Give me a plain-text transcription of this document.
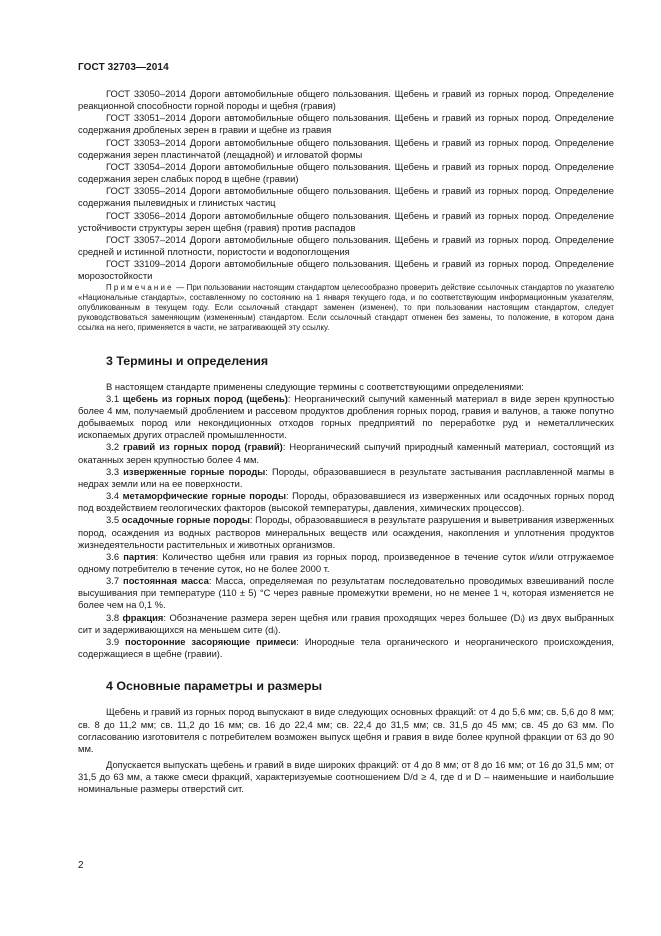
ГОСТ 32703—2014

ГОСТ 33050–2014 Дороги автомобильные общего пользования. Щебень и гравий из горных пород. Определение реакционной способности горной породы и щебня (гравия)

ГОСТ 33051–2014 Дороги автомобильные общего пользования. Щебень и гравий из горных пород. Определение содержания дробленых зерен в гравии и щебне из гравия

ГОСТ 33053–2014 Дороги автомобильные общего пользования. Щебень и гравий из горных пород. Определение содержания зерен пластинчатой (лещадной) и игловатой формы

ГОСТ 33054–2014 Дороги автомобильные общего пользования. Щебень и гравий из горных пород. Определение содержания зерен слабых пород в щебне (гравии)

ГОСТ 33055–2014 Дороги автомобильные общего пользования. Щебень и гравий из горных пород. Определение содержания пылевидных и глинистых частиц

ГОСТ 33056–2014 Дороги автомобильные общего пользования. Щебень и гравий из горных пород. Определение устойчивости структуры зерен щебня (гравия) против распадов

ГОСТ 33057–2014 Дороги автомобильные общего пользования. Щебень и гравий из горных пород. Определение средней и истинной плотности, пористости и водопоглощения

ГОСТ 33109–2014 Дороги автомобильные общего пользования. Щебень и гравий из горных пород. Определение морозостойкости

Примечание — При пользовании настоящим стандартом целесообразно проверить действие ссылочных стандартов по указателю «Национальные стандарты», составленному по состоянию на 1 января текущего года, и по соответствующим информационным указателям, опубликованным в текущем году. Если ссылочный стандарт заменен (изменен), то при пользовании настоящим стандартом, следует руководствоваться заменяющим (измененным) стандартом. Если ссылочный стандарт отменен без замены, то положение, в котором дана ссылка на него, применяется в части, не затрагивающей эту ссылку.

3 Термины и определения

В настоящем стандарте применены следующие термины с соответствующими определениями:

3.1 щебень из горных пород (щебень): Неорганический сыпучий каменный материал в виде зерен крупностью более 4 мм, получаемый дроблением и рассевом продуктов дробления горных пород, гравия и валунов, а также попутно добываемых пород или некондиционных отходов горных предприятий по переработке руд и неметаллических ископаемых других отраслей промышленности.

3.2 гравий из горных пород (гравий): Неорганический сыпучий природный каменный материал, состоящий из окатанных зерен крупностью более 4 мм.

3.3 изверженные горные породы: Породы, образовавшиеся в результате застывания расплавленной магмы в недрах земли или на ее поверхности.

3.4 метаморфические горные породы: Породы, образовавшиеся из изверженных или осадочных горных пород под воздействием геологических факторов (высокой температуры, давления, химических процессов).

3.5 осадочные горные породы: Породы, образовавшиеся в результате разрушения и выветривания изверженных пород, осаждения из водных растворов минеральных веществ или осаждения, накопления и уплотнения продуктов жизнедеятельности растительных и животных организмов.

3.6 партия: Количество щебня или гравия из горных пород, произведенное в течение суток и/или отгружаемое одному потребителю в течение суток, но не более 2000 т.

3.7 постоянная масса: Масса, определяемая по результатам последовательно проводимых взвешиваний после высушивания при температуре (110 ± 5) °С через равные промежутки времени, но не менее 1 ч, которая изменяется не более чем на 0,1 %.

3.8 фракция: Обозначение размера зерен щебня или гравия проходящих через большее (Dᵢ) из двух выбранных сит и задерживающихся на меньшем сите (dᵢ).

3.9 посторонние засоряющие примеси: Инородные тела органического и неорганического происхождения, содержащиеся в щебне (гравии).

4 Основные параметры и размеры

Щебень и гравий из горных пород выпускают в виде следующих основных фракций: от 4 до 5,6 мм; св. 5,6 до 8 мм; св. 8 до 11,2 мм; св. 11,2 до 16 мм; св. 16 до 22,4 мм; св. 22,4 до 31,5 мм; св. 31,5 до 45 мм; св. 45 до 63 мм. По согласованию изготовителя с потребителем возможен выпуск щебня и гравия в виде более крупной фракции от 63 до 90 мм.

Допускается выпускать щебень и гравий в виде широких фракций: от 4 до 8 мм; от 8 до 16 мм; от 16 до 31,5 мм; от 31,5 до 63 мм, а также смеси фракций, характеризуемые соотношением D/d ≥ 4, где d и D – наименьшие и наибольшие номинальные размеры отверстий сит.

2
